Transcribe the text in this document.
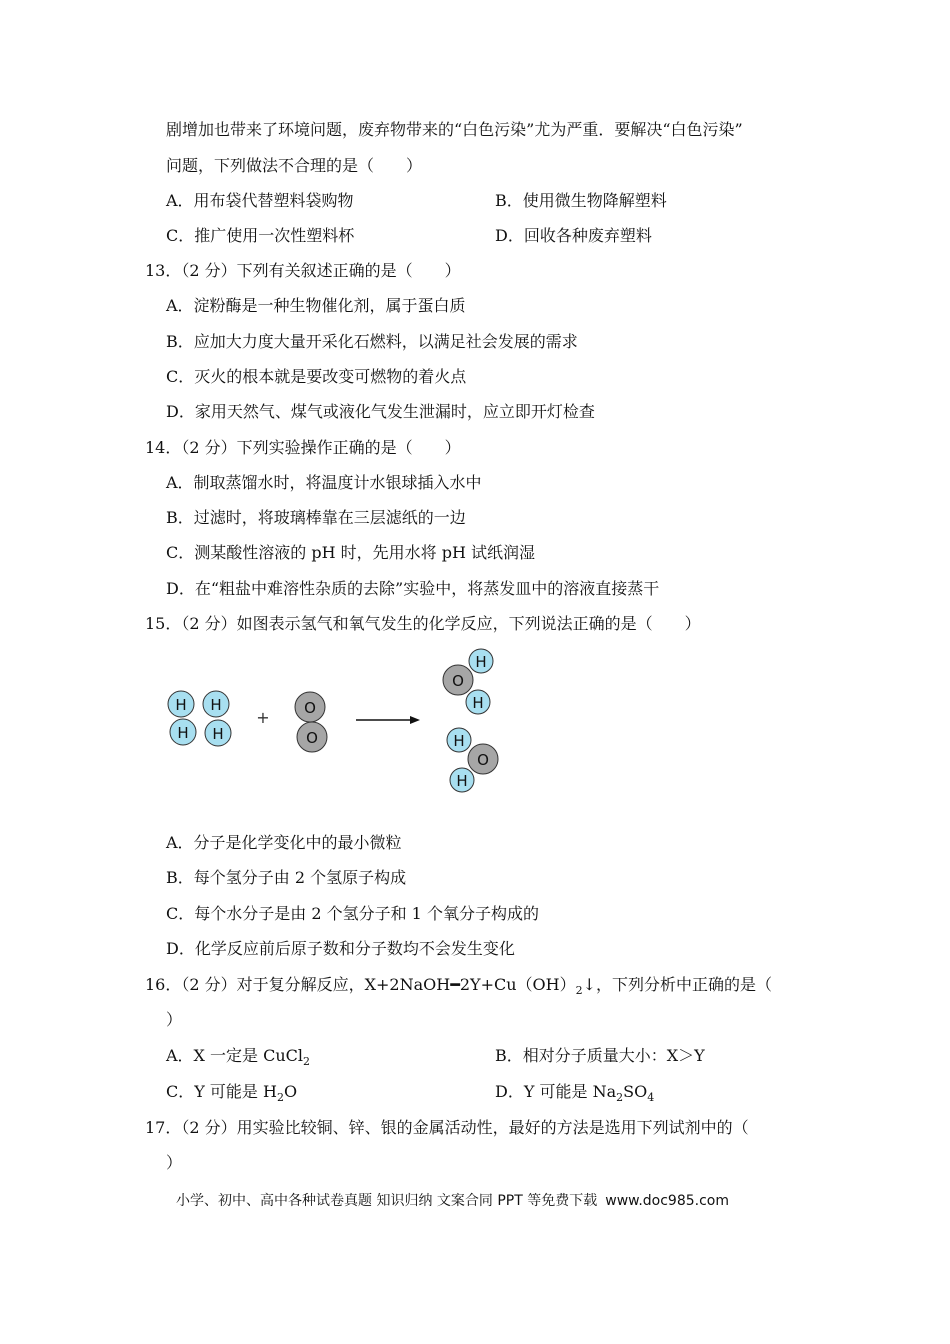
剧增加也带来了环境问题，废弃物带来的“白色污染”尤为严重．要解决“白色污染”
问题，下列做法不合理的是（　　）
A．用布袋代替塑料袋购物	B．使用微生物降解塑料
C．推广使用一次性塑料杯	D．回收各种废弃塑料
13．（2 分）下列有关叙述正确的是（　　）
A．淀粉酶是一种生物催化剂，属于蛋白质
B．应加大力度大量开采化石燃料，以满足社会发展的需求
C．灭火的根本就是要改变可燃物的着火点
D．家用天然气、煤气或液化气发生泄漏时，应立即开灯检查
14．（2 分）下列实验操作正确的是（　　）
A．制取蒸馏水时，将温度计水银球插入水中
B．过滤时，将玻璃棒靠在三层滤纸的一边
C．测某酸性溶液的 pH 时，先用水将 pH 试纸润湿
D．在“粗盐中难溶性杂质的去除”实验中，将蒸发皿中的溶液直接蒸干
15．（2 分）如图表示氢气和氧气发生的化学反应，下列说法正确的是（　　）
H
H
H
H
+ O
O
O
H
H
H
O
H
A．分子是化学变化中的最小微粒
B．每个氢分子由 2 个氢原子构成
C．每个水分子是由 2 个氢分子和 1 个氧分子构成的
D．化学反应前后原子数和分子数均不会发生变化
16．（2 分）对于复分解反应，$X+2NaOH━2Y+Cu(OH)_2↓$，下列分析中正确的是（
）
A．X 一定是 CuCl$_2$	B．相对分子质量大小：X＞Y
C．Y 可能是 $H_2O$	D．Y 可能是 $Na_2SO_4$
17．（2 分）用实验比较铜、锌、银的金属活动性，最好的方法是选用下列试剂中的（
）
小学、初中、高中各种试卷真题 知识归纳 文案合同 PPT 等免费下载 www.doc985.com
